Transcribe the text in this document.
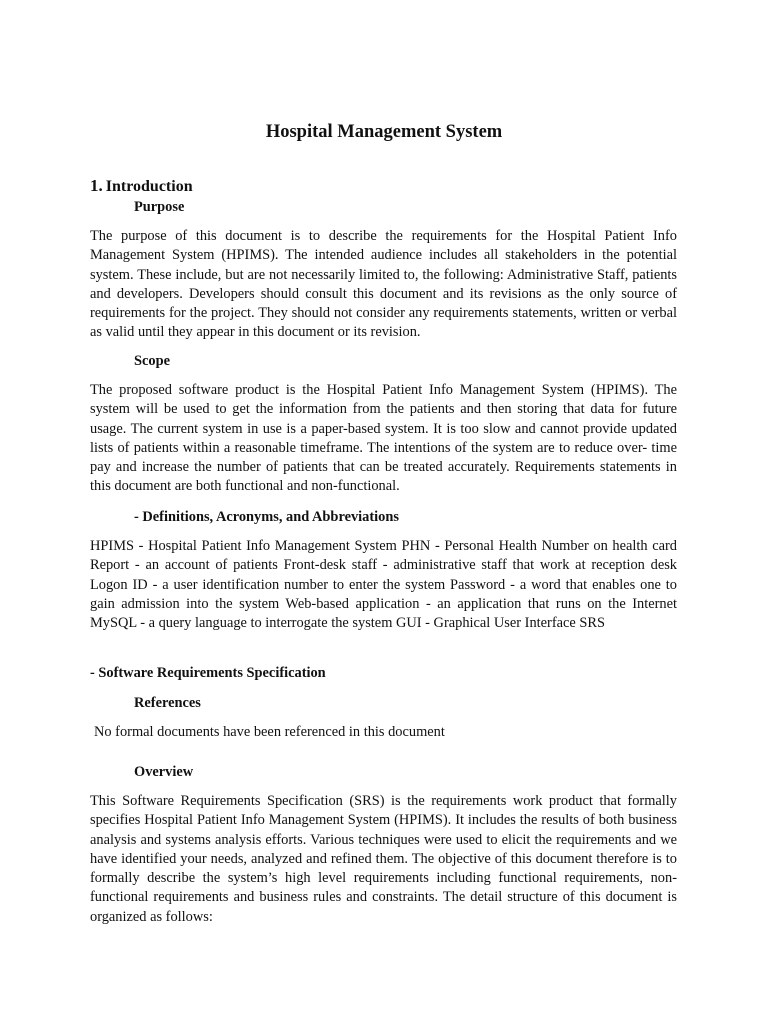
Hospital Management System
1. Introduction
Purpose

The purpose of this document is to describe the requirements for the Hospital Patient Info Management System (HPIMS). The intended audience includes all stakeholders in the potential system. These include, but are not necessarily limited to, the following: Administrative Staff, patients and developers. Developers should consult this document and its revisions as the only source of requirements for the project. They should not consider any requirements statements, written or verbal as valid until they appear in this document or its revision.

Scope

The proposed software product is the Hospital Patient Info Management System (HPIMS). The system will be used to get the information from the patients and then storing that data for future usage. The current system in use is a paper-based system. It is too slow and cannot provide updated lists of patients within a reasonable timeframe. The intentions of the system are to reduce over- time pay and increase the number of patients that can be treated accurately. Requirements statements in this document are both functional and non-functional.

- Definitions, Acronyms, and Abbreviations

HPIMS - Hospital Patient Info Management System PHN - Personal Health Number on health card Report - an account of patients Front-desk staff - administrative staff that work at reception desk Logon ID - a user identification number to enter the system Password - a word that enables one to gain admission into the system Web-based application - an application that runs on the Internet MySQL - a query language to interrogate the system GUI - Graphical User Interface SRS

- Software Requirements Specification
References

No formal documents have been referenced in this document

Overview

This Software Requirements Specification (SRS) is the requirements work product that formally specifies Hospital Patient Info Management System (HPIMS). It includes the results of both business analysis and systems analysis efforts. Various techniques were used to elicit the requirements and we have identified your needs, analyzed and refined them. The objective of this document therefore is to formally describe the system’s high level requirements including functional requirements, non-functional requirements and business rules and constraints. The detail structure of this document is organized as follows:
